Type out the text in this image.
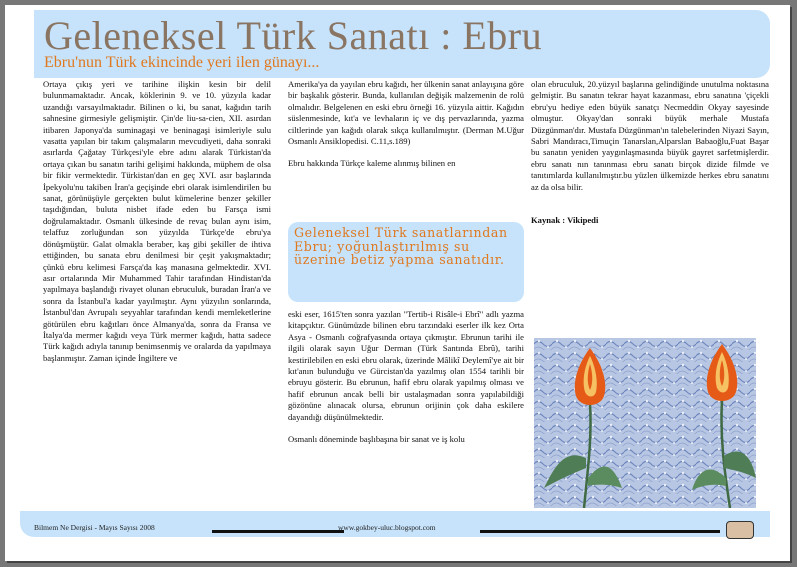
Geleneksel Türk Sanatı : Ebru
Ebru'nun Türk ekincinde yeri ilen günayı...

Ortaya çıkış yeri ve tarihine ilişkin kesin bir delil bulunmamaktadır. Ancak, köklerinin 9. ve 10. yüzyıla kadar uzandığı varsayılmaktadır. Bilinen o ki, bu sanat, kağıdın tarih sahnesine girmesiyle gelişmiştir. Çin'de liu-sa-cien, XII. asırdan itibaren Japonya'da suminagaşi ve beninagaşi isimleriyle sulu vasatta yapılan bir takım çalışmaların mevcudiyeti, daha sonraki asırlarda Çağatay Türkçesi'yle ebre adını alarak Türkistan'da ortaya çıkan bu sanatın tarihi gelişimi hakkında, müphem de olsa bir fikir vermektedir. Türkistan'dan en geç XVI. asır başlarında İpekyolu'nu takiben İran'a geçişinde ebri olarak isimlendirilen bu sanat, görünüşüyle gerçekten bulut kümelerine benzer şekiller taşıdığından, buluta nisbet ifade eden bu Farsça ismi doğrulamaktadır. Osmanlı ülkesinde de revaç bulan aynı isim, telaffuz zorluğundan son yüzyılda Türkçe'de ebru'ya dönüşmüştür. Galat olmakla beraber, kaş gibi şekiller de ihtiva ettiğinden, bu sanata ebru denilmesi bir çeşit yakışmaktadır; çünkü ebru kelimesi Farsça'da kaş manasına gelmektedir. XVI. asır ortalarında Mir Muhammed Tahir tarafından Hindistan'da yapılmaya başlandığı rivayet olunan ebruculuk, buradan İran'a ve sonra da İstanbul'a kadar yayılmıştır. Aynı yüzyılın sonlarında, İstanbul'dan Avrupalı seyyahlar tarafından kendi memleketlerine götürülen ebru kağıtları önce Almanya'da, sonra da Fransa ve İtalya'da mermer kağıdı veya Türk mermer kağıdı, hatta sadece Türk kağıdı adıyla tanınıp benimsenmiş ve oralarda da yapılmaya başlanmıştır. Zaman içinde İngiltere ve

Amerika'ya da yayılan ebru kağıdı, her ülkenin sanat anlayışına göre bir başkalık gösterir. Bunda, kullanılan değişik malzemenin de rolü olmalıdır. Belgelenen en eski ebru örneği 16. yüzyıla aittir. Kağıdın süslenmesinde, kıt'a ve levhaların iç ve dış pervazlarında, yazma ciltlerinde yan kağıdı olarak sıkça kullanılmıştır. (Derman M.Uğur Osmanlı Ansiklopedisi. C.11,s.189)

Ebru hakkında Türkçe kaleme alınmış bilinen en

Geleneksel Türk sanatlarından Ebru; yoğunlaştırılmış su üzerine betiz yapma sanatıdır.

eski eser, 1615'ten sonra yazılan "Tertib-i Risâle-i Ebrî" adlı yazma kitapçıktır. Günümüzde bilinen ebru tarzındaki eserler ilk kez Orta Asya - Osmanlı coğrafyasında ortaya çıkmıştır. Ebrunun tarihi ile ilgili olarak sayın Uğur Derman (Türk Santında Ebrû), tarihi kestirilebilen en eski ebru olarak, üzerinde Mâlikî Deylemî'ye ait bir kıt'anın bulunduğu ve Gürcistan'da yazılmış olan 1554 tarihli bir ebruyu gösterir. Bu ebrunun, hafif ebru olarak yapılmış olması ve hafif ebrunun ancak belli bir ustalaşmadan sonra yapılabildiği gözönüne alınacak olursa, ebrunun orijinin çok daha eskilere dayandığı düşünülmektedir.

Osmanlı döneminde başlıbaşına bir sanat ve iş kolu

olan ebruculuk, 20.yüzyıl başlarına gelindiğinde unutulma noktasına gelmiştir. Bu sanatın tekrar hayat kazanması, ebru sanatına 'çiçekli ebru'yu hediye eden büyük sanatçı Necmeddin Okyay sayesinde olmuştur. Okyay'dan sonraki büyük merhale Mustafa Düzgünman'dır. Mustafa Düzgünman'ın talebelerinden Niyazi Sayın, Sabri Mandıracı,Timuçin Tanarslan,Alparslan Babaoğlu,Fuat Başar bu sanatın yeniden yaygınlaşmasında büyük gayret sarfetmişlerdir. ebru sanatı nın tanınması ebru sanatı birçok dizide filmde ve tanıtımlarda kullanılmıştır.bu yüzlen ülkemizde herkes ebru sanatını az da olsa bilir.

Kaynak : Vikipedi

Bilmem Ne Dergisi - Mayıs Sayısı 2008	www.gokbey-uluc.blogspot.com
